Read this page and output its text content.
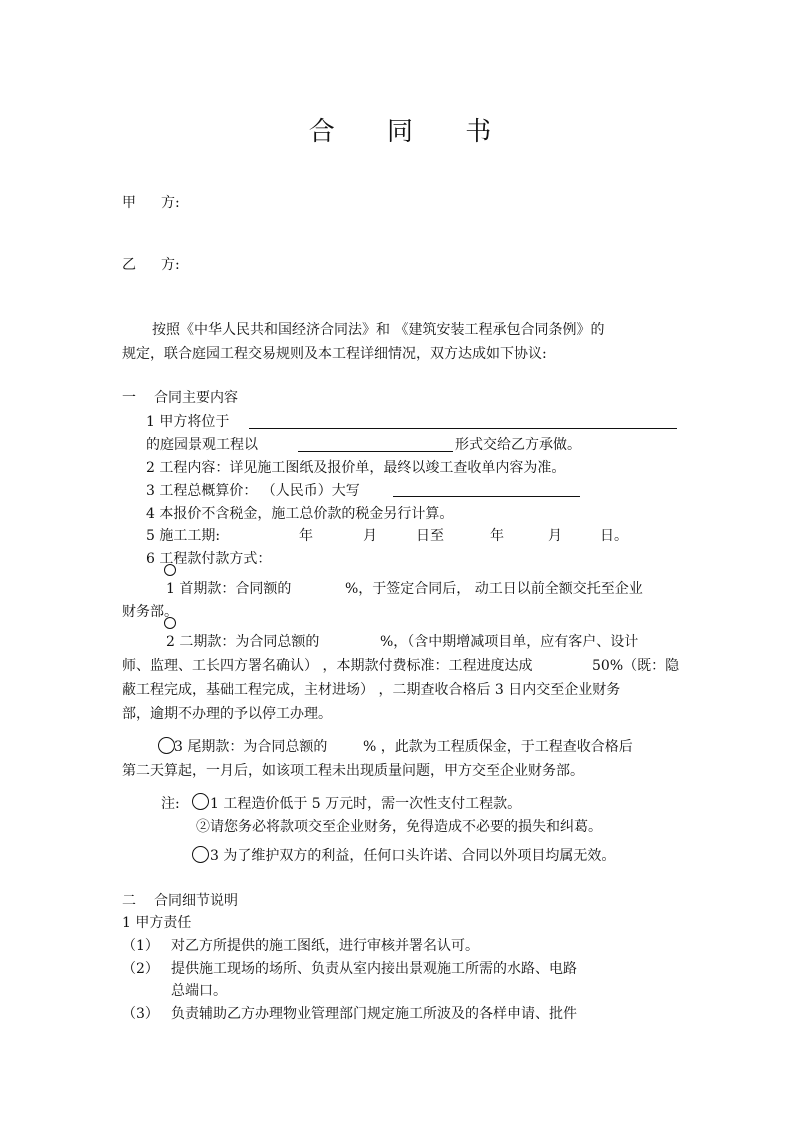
合 同 书
甲 方:
乙 方:
按照《中华人民共和国经济合同法》和 《建筑安装工程承包合同条例》的
规定，联合庭园工程交易规则及本工程详细情况，双方达成如下协议:
一 合同主要内容
1 甲方将位于
的庭园景观工程以	形式交给乙方承做。
2 工程内容：详见施工图纸及报价单，最终以竣工查收单内容为准。
3 工程总概算价： （人民币）大写
4 本报价不含税金，施工总价款的税金另行计算。
5 施工工期:	年	月	日至	年	月	日。
6 工程款付款方式：
1 首期款：合同额的	%，于签定合同后， 动工日以前全额交托至企业
财务部。
2 二期款：为合同总额的	%，（含中期增减项目单，应有客户、设计
师、监理、工长四方署名确认） ，本期款付费标准：工程进度达成	50%（既：隐
蔽工程完成，基础工程完成，主材进场） ，二期查收合格后 3 日内交至企业财务
部，逾期不办理的予以停工办理。
3 尾期款：为合同总额的	% ，此款为工程质保金，于工程查收合格后
第二天算起，一月后，如该项工程未出现质量问题，甲方交至企业财务部。
注: ○ 1 工程造价低于 5 万元时，需一次性支付工程款。
②请您务必将款项交至企业财务，免得造成不必要的损失和纠葛。
3 为了维护双方的利益，任何口头许诺、合同以外项目均属无效。
二 合同细节说明
1 甲方责任
（1） 对乙方所提供的施工图纸，进行审核并署名认可。
（2） 提供施工现场的场所、负责从室内接出景观施工所需的水路、电路
总端口。
（3） 负责辅助乙方办理物业管理部门规定施工所波及的各样申请、批件
